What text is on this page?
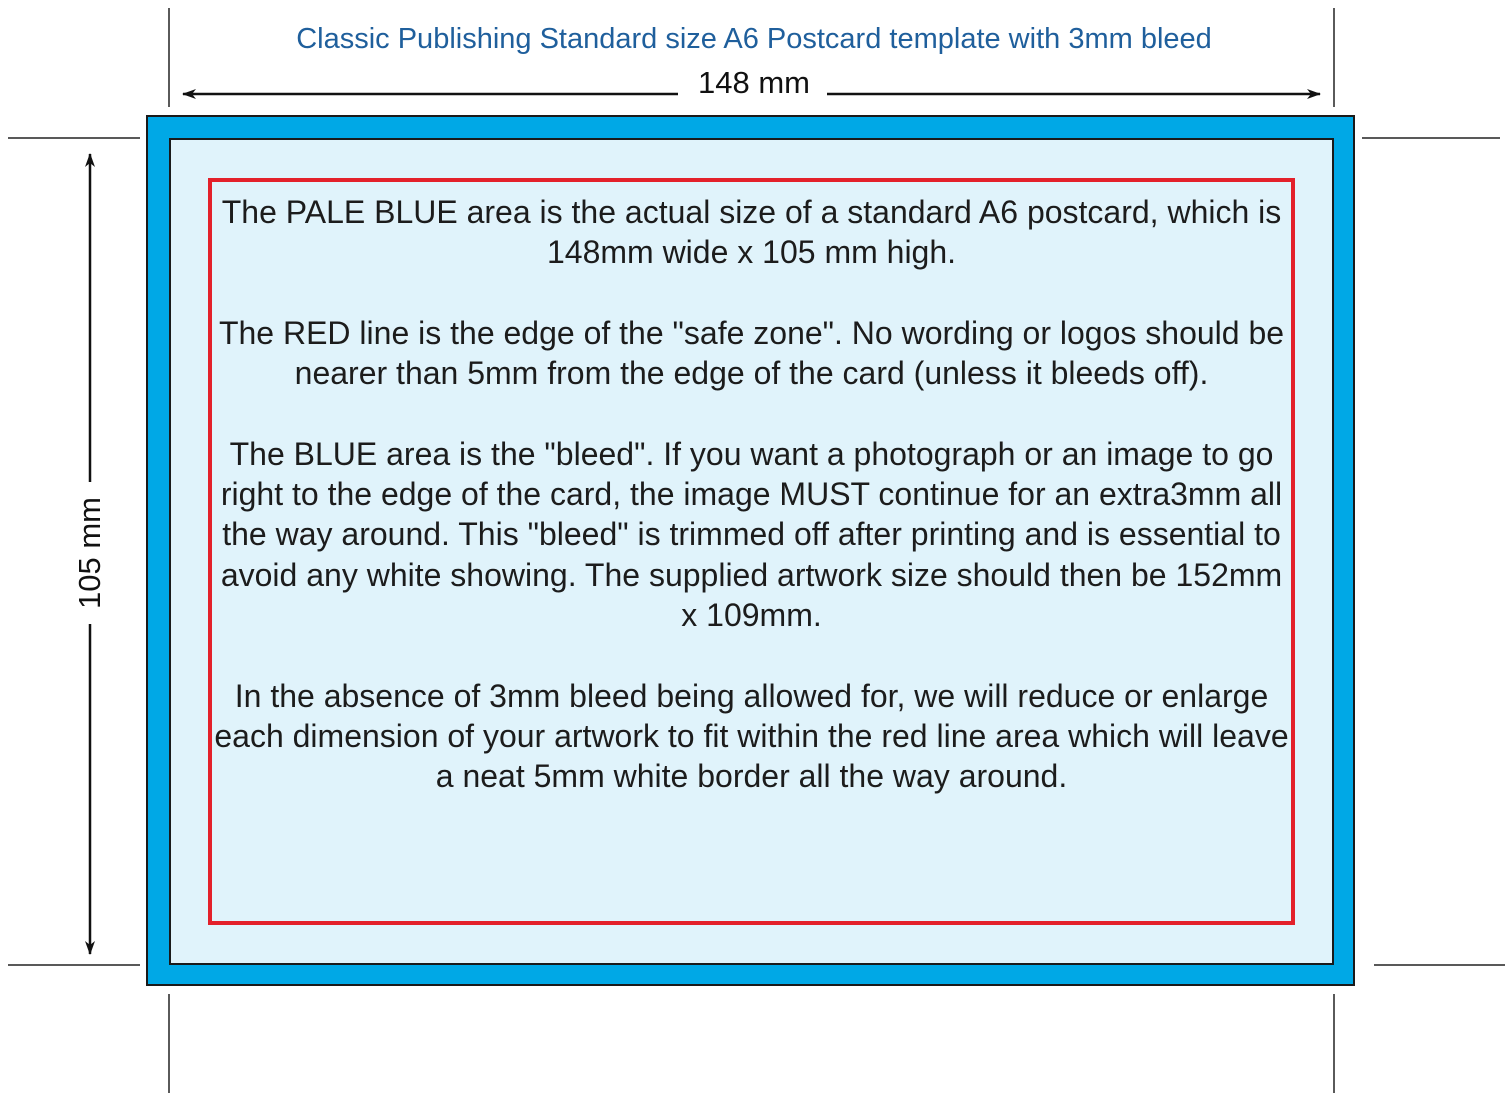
Classic Publishing Standard size A6 Postcard template with 3mm bleed
148 mm
105 mm

The PALE BLUE area is the actual size of a standard A6 postcard, which is 148mm wide x 105 mm high.

The RED line is the edge of the "safe zone". No wording or logos should be nearer than 5mm from the edge of the card (unless it bleeds off).

The BLUE area is the "bleed". If you want a photograph or an image to go right to the edge of the card, the image MUST continue for an extra3mm all the way around. This "bleed" is trimmed off after printing and is essential to avoid any white showing. The supplied artwork size should then be 152mm x 109mm.

In the absence of 3mm bleed being allowed for, we will reduce or enlarge each dimension of your artwork to fit within the red line area which will leave a neat 5mm white border all the way around.
